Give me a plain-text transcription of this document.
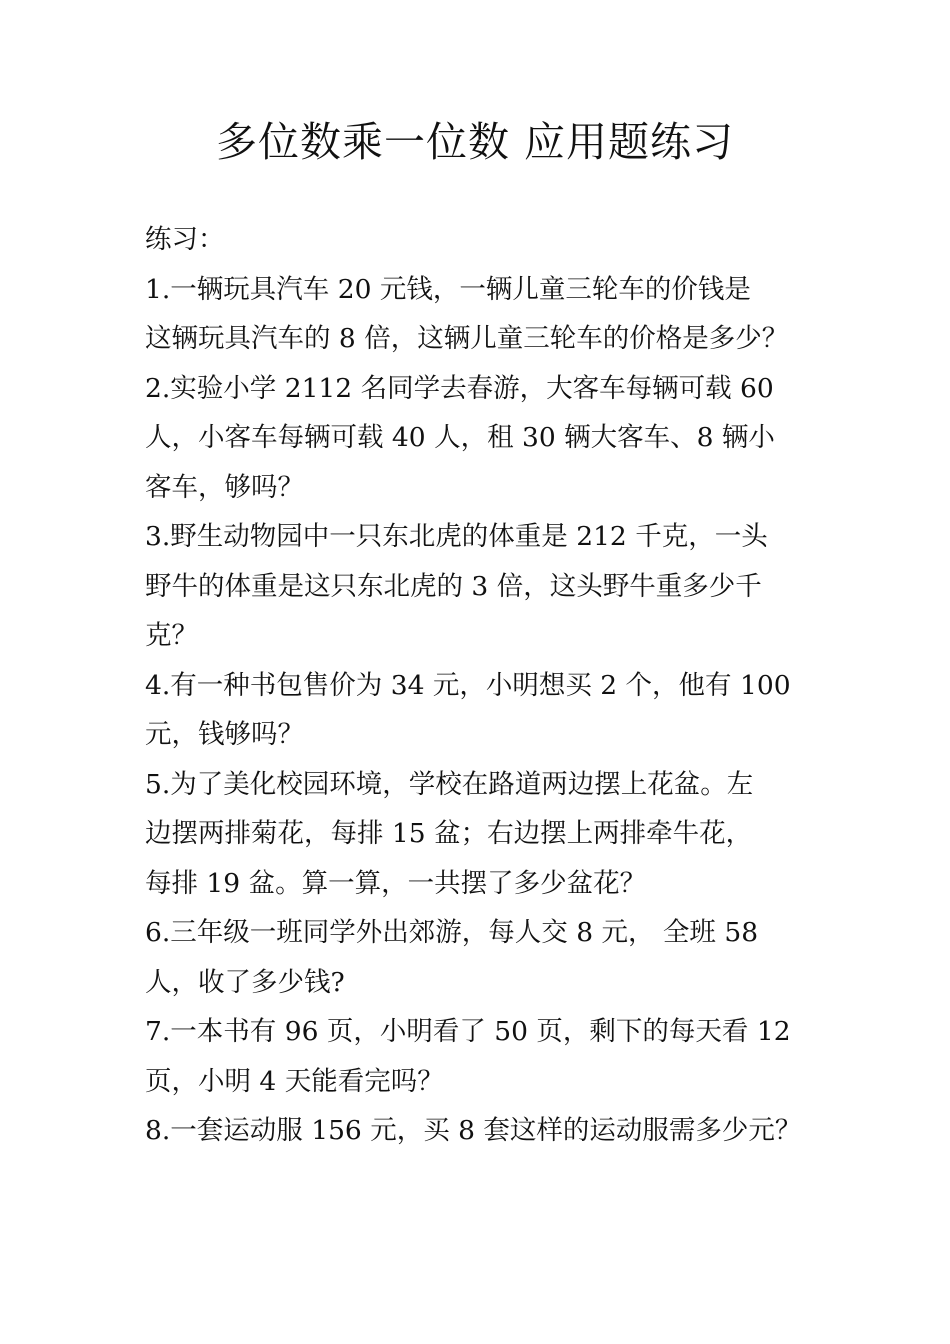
多位数乘一位数 应用题练习
练习：
1.一辆玩具汽车 20 元钱，一辆儿童三轮车的价钱是
这辆玩具汽车的 8 倍，这辆儿童三轮车的价格是多少？
2.实验小学 2112 名同学去春游，大客车每辆可载 60
人，小客车每辆可载 40 人，租 30 辆大客车、8 辆小
客车，够吗？
3.野生动物园中一只东北虎的体重是 212 千克，一头
野牛的体重是这只东北虎的 3 倍，这头野牛重多少千
克？
4.有一种书包售价为 34 元，小明想买 2 个，他有 100
元，钱够吗？
5.为了美化校园环境，学校在路道两边摆上花盆。左
边摆两排菊花，每排 15 盆；右边摆上两排牵牛花，
每排 19 盆。算一算，一共摆了多少盆花？
6.三年级一班同学外出郊游，每人交 8 元， 全班 58
人，收了多少钱?
7.一本书有 96 页，小明看了 50 页，剩下的每天看 12
页，小明 4 天能看完吗？
8.一套运动服 156 元，买 8 套这样的运动服需多少元？
